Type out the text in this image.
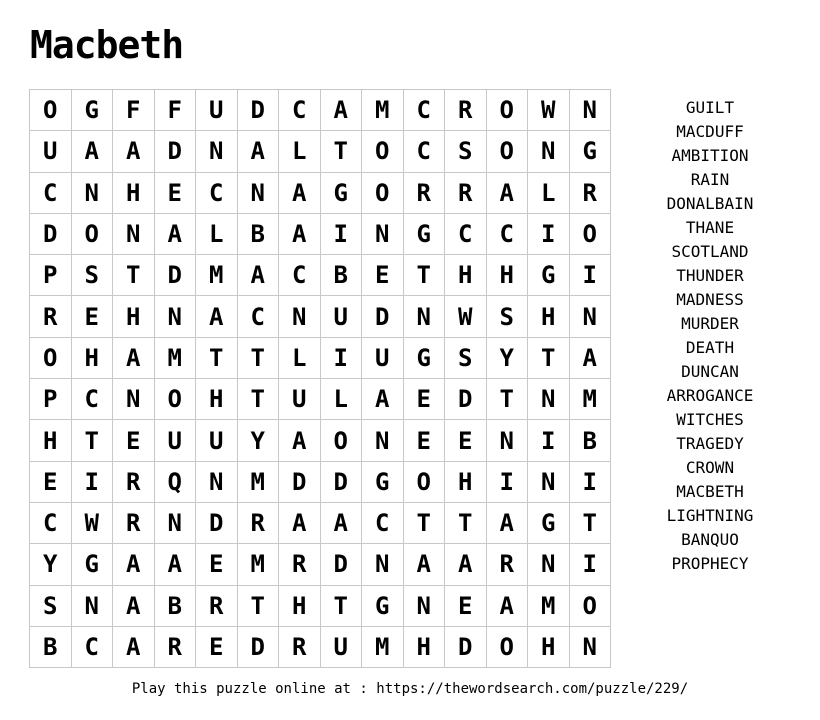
Macbeth
O	G	F	F	U	D	C	A	M	C	R	O	W	N
U	A	A	D	N	A	L	T	O	C	S	O	N	G
C	N	H	E	C	N	A	G	O	R	R	A	L	R
D	O	N	A	L	B	A	I	N	G	C	C	I	O
P	S	T	D	M	A	C	B	E	T	H	H	G	I
R	E	H	N	A	C	N	U	D	N	W	S	H	N
O	H	A	M	T	T	L	I	U	G	S	Y	T	A
P	C	N	O	H	T	U	L	A	E	D	T	N	M
H	T	E	U	U	Y	A	O	N	E	E	N	I	B
E	I	R	Q	N	M	D	D	G	O	H	I	N	I
C	W	R	N	D	R	A	A	C	T	T	A	G	T
Y	G	A	A	E	M	R	D	N	A	A	R	N	I
S	N	A	B	R	T	H	T	G	N	E	A	M	O
B	C	A	R	E	D	R	U	M	H	D	O	H	N
GUILT
MACDUFF
AMBITION
RAIN
DONALBAIN
THANE
SCOTLAND
THUNDER
MADNESS
MURDER
DEATH
DUNCAN
ARROGANCE
WITCHES
TRAGEDY
CROWN
MACBETH
LIGHTNING
BANQUO
PROPHECY
Play this puzzle online at : https://thewordsearch.com/puzzle/229/
